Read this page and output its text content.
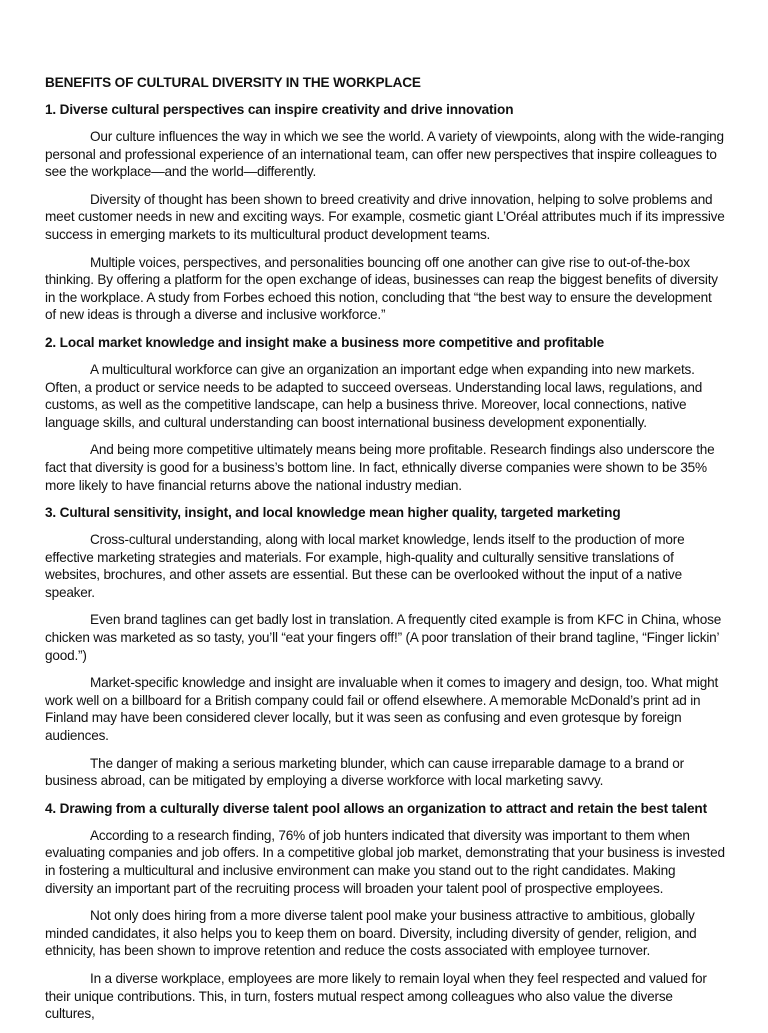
BENEFITS OF CULTURAL DIVERSITY IN THE WORKPLACE
1. Diverse cultural perspectives can inspire creativity and drive innovation

Our culture influences the way in which we see the world. A variety of viewpoints, along with the wide-ranging personal and professional experience of an international team, can offer new perspectives that inspire colleagues to see the workplace—and the world—differently.

Diversity of thought has been shown to breed creativity and drive innovation, helping to solve problems and meet customer needs in new and exciting ways. For example, cosmetic giant L’Oréal attributes much if its impressive success in emerging markets to its multicultural product development teams.

Multiple voices, perspectives, and personalities bouncing off one another can give rise to out-of-the-box thinking. By offering a platform for the open exchange of ideas, businesses can reap the biggest benefits of diversity in the workplace. A study from Forbes echoed this notion, concluding that “the best way to ensure the development of new ideas is through a diverse and inclusive workforce.”

2. Local market knowledge and insight make a business more competitive and profitable

A multicultural workforce can give an organization an important edge when expanding into new markets. Often, a product or service needs to be adapted to succeed overseas. Understanding local laws, regulations, and customs, as well as the competitive landscape, can help a business thrive. Moreover, local connections, native language skills, and cultural understanding can boost international business development exponentially.

And being more competitive ultimately means being more profitable. Research findings also underscore the fact that diversity is good for a business’s bottom line. In fact, ethnically diverse companies were shown to be 35% more likely to have financial returns above the national industry median.

3. Cultural sensitivity, insight, and local knowledge mean higher quality, targeted marketing

Cross-cultural understanding, along with local market knowledge, lends itself to the production of more effective marketing strategies and materials. For example, high-quality and culturally sensitive translations of websites, brochures, and other assets are essential. But these can be overlooked without the input of a native speaker.

Even brand taglines can get badly lost in translation. A frequently cited example is from KFC in China, whose chicken was marketed as so tasty, you’ll “eat your fingers off!” (A poor translation of their brand tagline, “Finger lickin’ good.”)

Market-specific knowledge and insight are invaluable when it comes to imagery and design, too. What might work well on a billboard for a British company could fail or offend elsewhere. A memorable McDonald’s print ad in Finland may have been considered clever locally, but it was seen as confusing and even grotesque by foreign audiences.

The danger of making a serious marketing blunder, which can cause irreparable damage to a brand or business abroad, can be mitigated by employing a diverse workforce with local marketing savvy.

4. Drawing from a culturally diverse talent pool allows an organization to attract and retain the best talent

According to a research finding, 76% of job hunters indicated that diversity was important to them when evaluating companies and job offers. In a competitive global job market, demonstrating that your business is invested in fostering a multicultural and inclusive environment can make you stand out to the right candidates. Making diversity an important part of the recruiting process will broaden your talent pool of prospective employees.

Not only does hiring from a more diverse talent pool make your business attractive to ambitious, globally minded candidates, it also helps you to keep them on board. Diversity, including diversity of gender, religion, and ethnicity, has been shown to improve retention and reduce the costs associated with employee turnover.

In a diverse workplace, employees are more likely to remain loyal when they feel respected and valued for their unique contributions. This, in turn, fosters mutual respect among colleagues who also value the diverse cultures,
